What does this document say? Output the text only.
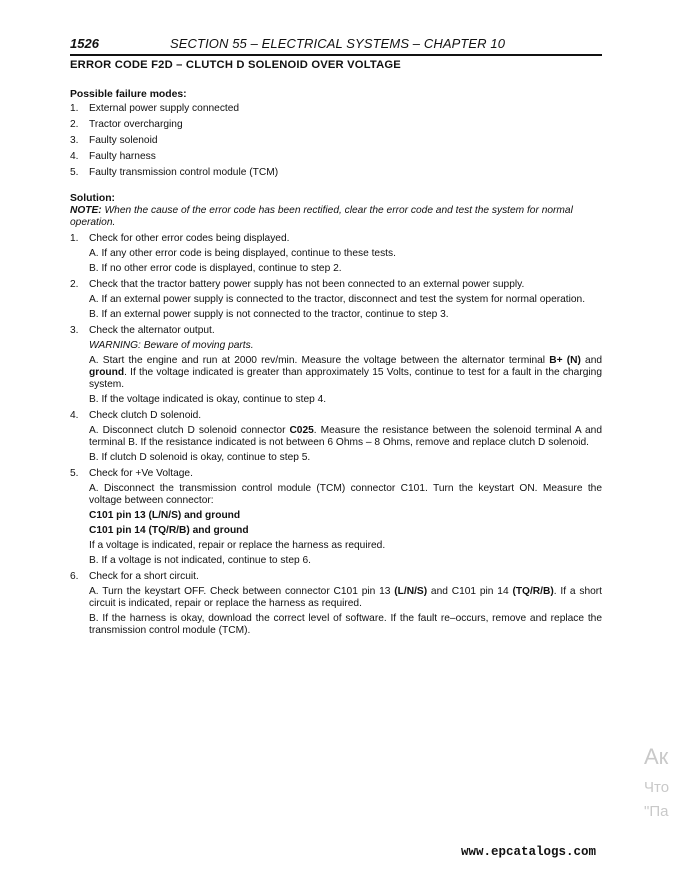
1526	SECTION 55 – ELECTRICAL SYSTEMS – CHAPTER 10
ERROR CODE F2D – CLUTCH D SOLENOID OVER VOLTAGE
Possible failure modes:
1.	External power supply connected
2.	Tractor overcharging
3.	Faulty solenoid
4.	Faulty harness
5.	Faulty transmission control module (TCM)
Solution:
NOTE: When the cause of the error code has been rectified, clear the error code and test the system for normal operation.
1.	Check for other error codes being displayed.
A. If any other error code is being displayed, continue to these tests.
B. If no other error code is displayed, continue to step 2.
2.	Check that the tractor battery power supply has not been connected to an external power supply.
A. If an external power supply is connected to the tractor, disconnect and test the system for normal operation.
B. If an external power supply is not connected to the tractor, continue to step 3.
3.	Check the alternator output.
WARNING: Beware of moving parts.
A. Start the engine and run at 2000 rev/min. Measure the voltage between the alternator terminal B+ (N) and ground. If the voltage indicated is greater than approximately 15 Volts, continue to test for a fault in the charging system.
B. If the voltage indicated is okay, continue to step 4.
4.	Check clutch D solenoid.
A. Disconnect clutch D solenoid connector C025. Measure the resistance between the solenoid terminal A and terminal B. If the resistance indicated is not between 6 Ohms – 8 Ohms, remove and replace clutch D solenoid.
B. If clutch D solenoid is okay, continue to step 5.
5.	Check for +Ve Voltage.
A. Disconnect the transmission control module (TCM) connector C101. Turn the keystart ON. Measure the voltage between connector:
C101 pin 13 (L/N/S) and ground
C101 pin 14 (TQ/R/B) and ground
If a voltage is indicated, repair or replace the harness as required.
B. If a voltage is not indicated, continue to step 6.
6.	Check for a short circuit.
A. Turn the keystart OFF. Check between connector C101 pin 13 (L/N/S) and C101 pin 14 (TQ/R/B). If a short circuit is indicated, repair or replace the harness as required.
B. If the harness is okay, download the correct level of software. If the fault re–occurs, remove and replace the transmission control module (TCM).
Ак
Что
"Па
www.epcatalogs.com
